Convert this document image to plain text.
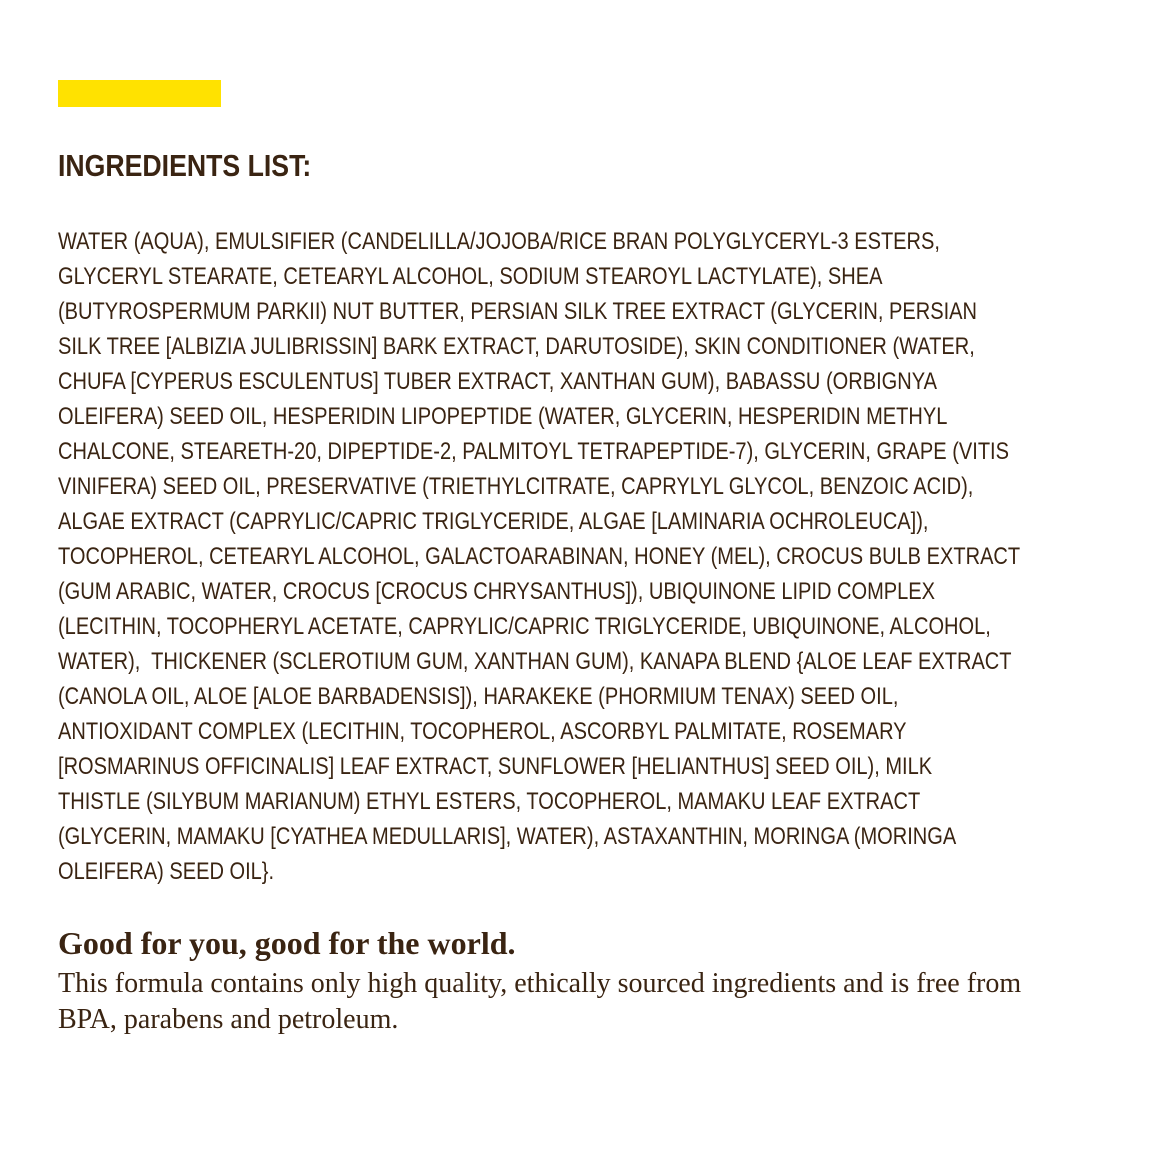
INGREDIENTS LIST:
WATER (AQUA), EMULSIFIER (CANDELILLA/JOJOBA/RICE BRAN POLYGLYCERYL-3 ESTERS,
GLYCERYL STEARATE, CETEARYL ALCOHOL, SODIUM STEAROYL LACTYLATE), SHEA
(BUTYROSPERMUM PARKII) NUT BUTTER, PERSIAN SILK TREE EXTRACT (GLYCERIN, PERSIAN
SILK TREE [ALBIZIA JULIBRISSIN] BARK EXTRACT, DARUTOSIDE), SKIN CONDITIONER (WATER,
CHUFA [CYPERUS ESCULENTUS] TUBER EXTRACT, XANTHAN GUM), BABASSU (ORBIGNYA
OLEIFERA) SEED OIL, HESPERIDIN LIPOPEPTIDE (WATER, GLYCERIN, HESPERIDIN METHYL
CHALCONE, STEARETH-20, DIPEPTIDE-2, PALMITOYL TETRAPEPTIDE-7), GLYCERIN, GRAPE (VITIS
VINIFERA) SEED OIL, PRESERVATIVE (TRIETHYLCITRATE, CAPRYLYL GLYCOL, BENZOIC ACID),
ALGAE EXTRACT (CAPRYLIC/CAPRIC TRIGLYCERIDE, ALGAE [LAMINARIA OCHROLEUCA]),
TOCOPHEROL, CETEARYL ALCOHOL, GALACTOARABINAN, HONEY (MEL), CROCUS BULB EXTRACT
(GUM ARABIC, WATER, CROCUS [CROCUS CHRYSANTHUS]), UBIQUINONE LIPID COMPLEX
(LECITHIN, TOCOPHERYL ACETATE, CAPRYLIC/CAPRIC TRIGLYCERIDE, UBIQUINONE, ALCOHOL,
WATER),  THICKENER (SCLEROTIUM GUM, XANTHAN GUM), KANAPA BLEND {ALOE LEAF EXTRACT
(CANOLA OIL, ALOE [ALOE BARBADENSIS]), HARAKEKE (PHORMIUM TENAX) SEED OIL,
ANTIOXIDANT COMPLEX (LECITHIN, TOCOPHEROL, ASCORBYL PALMITATE, ROSEMARY
[ROSMARINUS OFFICINALIS] LEAF EXTRACT, SUNFLOWER [HELIANTHUS] SEED OIL), MILK
THISTLE (SILYBUM MARIANUM) ETHYL ESTERS, TOCOPHEROL, MAMAKU LEAF EXTRACT
(GLYCERIN, MAMAKU [CYATHEA MEDULLARIS], WATER), ASTAXANTHIN, MORINGA (MORINGA
OLEIFERA) SEED OIL}.
Good for you, good for the world.

This formula contains only high quality, ethically sourced ingredients and is free from
BPA, parabens and petroleum.
